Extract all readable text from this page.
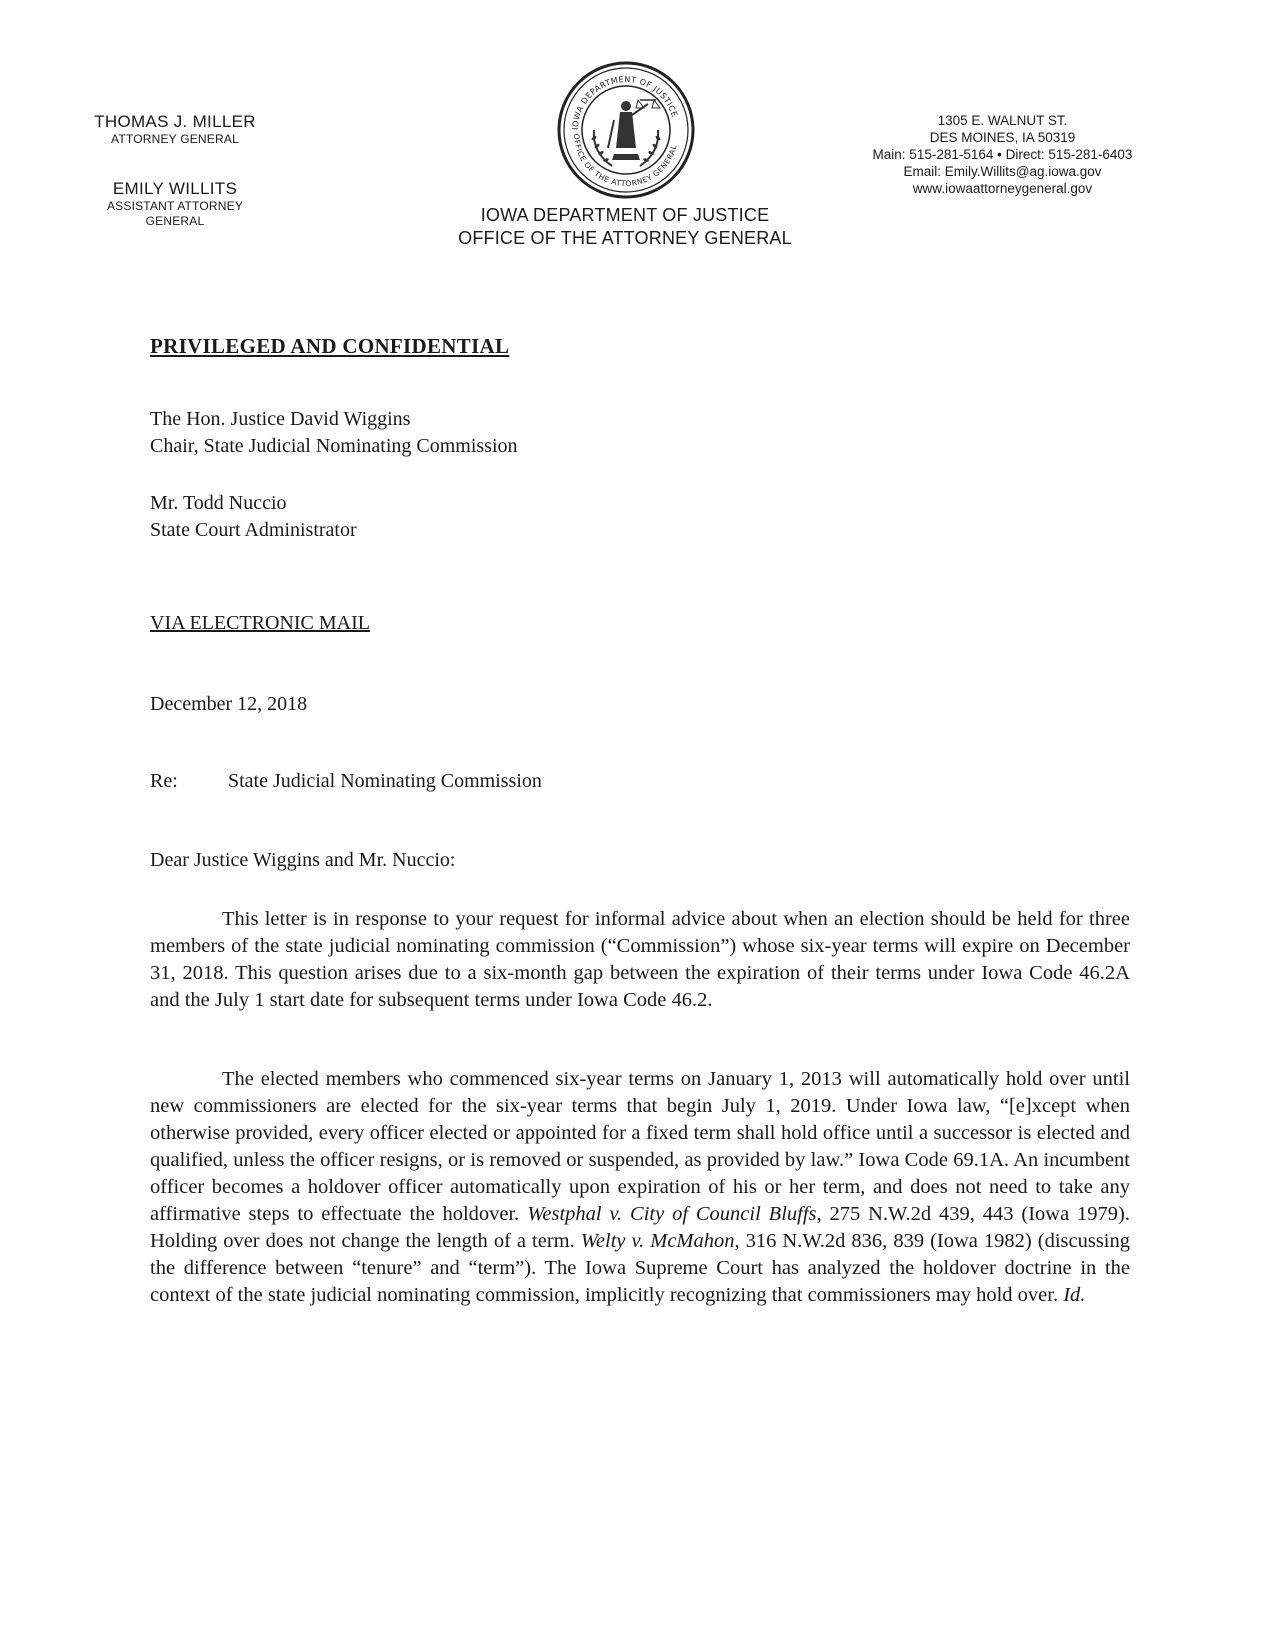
THOMAS J. MILLER
ATTORNEY GENERAL
EMILY WILLITS
ASSISTANT ATTORNEY
GENERAL
IOWA DEPARTMENT OF JUSTICE
OFFICE OF THE ATTORNEY GENERAL
IOWA DEPARTMENT OF JUSTICE
OFFICE OF THE ATTORNEY GENERAL
1305 E. WALNUT ST.
DES MOINES, IA 50319
Main: 515-281-5164 • Direct: 515-281-6403
Email: Emily.Willits@ag.iowa.gov
www.iowaattorneygeneral.gov
PRIVILEGED AND CONFIDENTIAL
The Hon. Justice David Wiggins
Chair, State Judicial Nominating Commission
Mr. Todd Nuccio
State Court Administrator
VIA ELECTRONIC MAIL
December 12, 2018
Re:	State Judicial Nominating Commission
Dear Justice Wiggins and Mr. Nuccio:
This letter is in response to your request for informal advice about when an election should be held for three members of the state judicial nominating commission (“Commission”) whose six-year terms will expire on December 31, 2018. This question arises due to a six-month gap between the expiration of their terms under Iowa Code 46.2A and the July 1 start date for subsequent terms under Iowa Code 46.2.
The elected members who commenced six-year terms on January 1, 2013 will automatically hold over until new commissioners are elected for the six-year terms that begin July 1, 2019. Under Iowa law, “[e]xcept when otherwise provided, every officer elected or appointed for a fixed term shall hold office until a successor is elected and qualified, unless the officer resigns, or is removed or suspended, as provided by law.” Iowa Code 69.1A. An incumbent officer becomes a holdover officer automatically upon expiration of his or her term, and does not need to take any affirmative steps to effectuate the holdover. Westphal v. City of Council Bluffs, 275 N.W.2d 439, 443 (Iowa 1979). Holding over does not change the length of a term. Welty v. McMahon, 316 N.W.2d 836, 839 (Iowa 1982) (discussing the difference between “tenure” and “term”). The Iowa Supreme Court has analyzed the holdover doctrine in the context of the state judicial nominating commission, implicitly recognizing that commissioners may hold over. Id.
